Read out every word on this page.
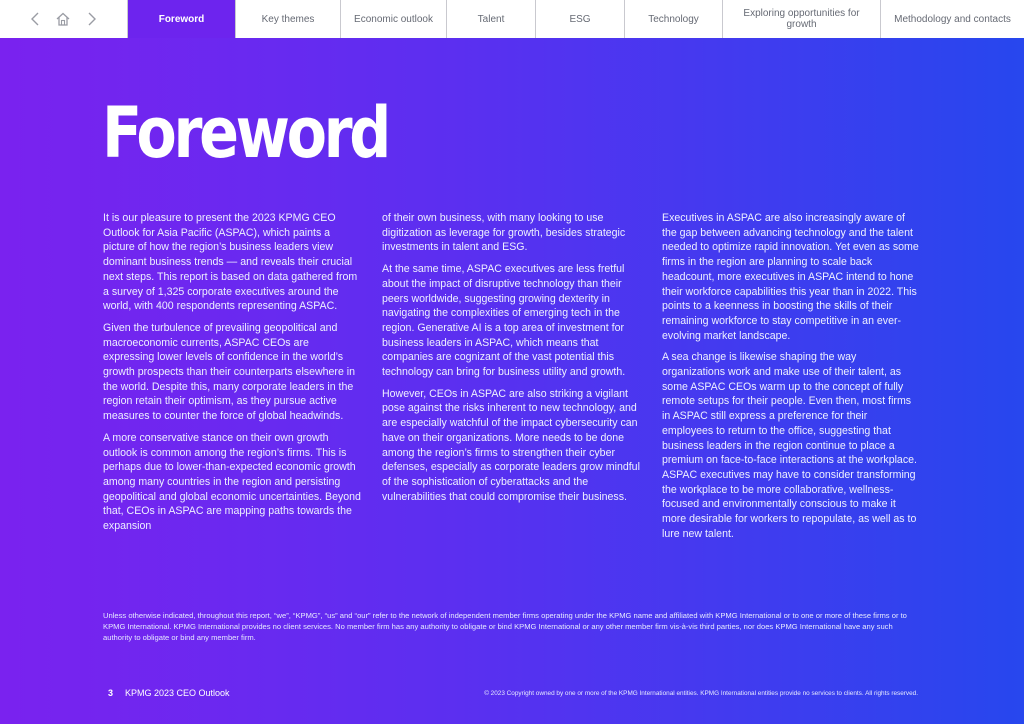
Foreword	Key themes	Economic outlook	Talent	ESG	Technology	Exploring opportunities for growth	Methodology and contacts
Foreword

It is our pleasure to present the 2023 KPMG CEO Outlook for Asia Pacific (ASPAC), which paints a picture of how the region’s business leaders view dominant business trends — and reveals their crucial next steps. This report is based on data gathered from a survey of 1,325 corporate executives around the world, with 400 respondents representing ASPAC.

Given the turbulence of prevailing geopolitical and macroeconomic currents, ASPAC CEOs are expressing lower levels of confidence in the world’s growth prospects than their counterparts elsewhere in the world. Despite this, many corporate leaders in the region retain their optimism, as they pursue active measures to counter the force of global headwinds.

A more conservative stance on their own growth outlook is common among the region’s firms. This is perhaps due to lower-than-expected economic growth among many countries in the region and persisting geopolitical and global economic uncertainties. Beyond that, CEOs in ASPAC are mapping paths towards the expansion

of their own business, with many looking to use digitization as leverage for growth, besides strategic investments in talent and ESG.

At the same time, ASPAC executives are less fretful about the impact of disruptive technology than their peers worldwide, suggesting growing dexterity in navigating the complexities of emerging tech in the region. Generative AI is a top area of investment for business leaders in ASPAC, which means that companies are cognizant of the vast potential this technology can bring for business utility and growth.

However, CEOs in ASPAC are also striking a vigilant pose against the risks inherent to new technology, and are especially watchful of the impact cybersecurity can have on their organizations. More needs to be done among the region’s firms to strengthen their cyber defenses, especially as corporate leaders grow mindful of the sophistication of cyberattacks and the vulnerabilities that could compromise their business.

Executives in ASPAC are also increasingly aware of the gap between advancing technology and the talent needed to optimize rapid innovation. Yet even as some firms in the region are planning to scale back headcount, more executives in ASPAC intend to hone their workforce capabilities this year than in 2022. This points to a keenness in boosting the skills of their remaining workforce to stay competitive in an ever-evolving market landscape.

A sea change is likewise shaping the way organizations work and make use of their talent, as some ASPAC CEOs warm up to the concept of fully remote setups for their people. Even then, most firms in ASPAC still express a preference for their employees to return to the office, suggesting that business leaders in the region continue to place a premium on face-to-face interactions at the workplace. ASPAC executives may have to consider transforming the workplace to be more collaborative, wellness-focused and environmentally conscious to make it more desirable for workers to repopulate, as well as to lure new talent.

Unless otherwise indicated, throughout this report, “we”, “KPMG”, “us” and “our” refer to the network of independent member firms operating under the KPMG name and affiliated with KPMG International or to one or more of these firms or to KPMG International. KPMG International provides no client services. No member firm has any authority to obligate or bind KPMG International or any other member firm vis-à-vis third parties, nor does KPMG International have any such authority to obligate or bind any member firm.
3 KPMG 2023 CEO Outlook	© 2023 Copyright owned by one or more of the KPMG International entities. KPMG International entities provide no services to clients. All rights reserved.
